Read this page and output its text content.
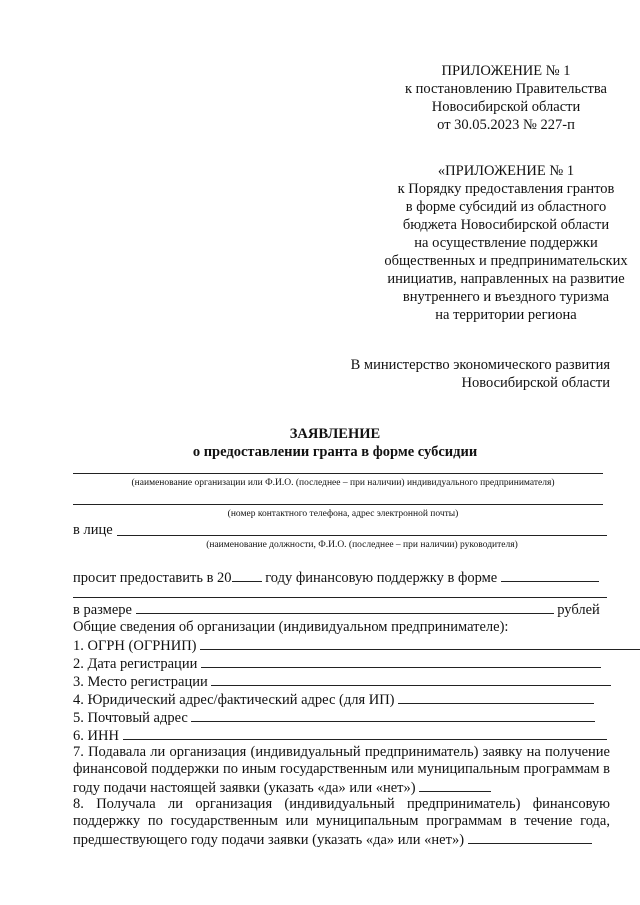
ПРИЛОЖЕНИЕ № 1
к постановлению Правительства
Новосибирской области
от 30.05.2023 № 227-п
«ПРИЛОЖЕНИЕ № 1
к Порядку предоставления грантов
в форме субсидий из областного
бюджета Новосибирской области
на осуществление поддержки
общественных и предпринимательских
инициатив, направленных на развитие
внутреннего и въездного туризма
на территории региона
В министерство экономического развития
Новосибирской области
ЗАЯВЛЕНИЕ
о предоставлении гранта в форме субсидии
(наименование организации или Ф.И.О. (последнее – при наличии) индивидуального предпринимателя)
(номер контактного телефона, адрес электронной почты)
в лице
(наименование должности, Ф.И.О. (последнее – при наличии) руководителя)
просит предоставить в 20 году финансовую поддержку в форме
в размере	рублей
Общие сведения об организации (индивидуальном предпринимателе):
1. ОГРН (ОГРНИП)
2. Дата регистрации
3. Место регистрации
4. Юридический адрес/фактический адрес (для ИП)
5. Почтовый адрес
6. ИНН
7. Подавала ли организация (индивидуальный предприниматель) заявку на получение финансовой поддержки по иным государственным или муниципальным программам в году подачи настоящей заявки (указать «да» или «нет»)
8. Получала ли организация (индивидуальный предприниматель) финансовую поддержку по государственным или муниципальным программам в течение года, предшествующего году подачи заявки (указать «да» или «нет»)
